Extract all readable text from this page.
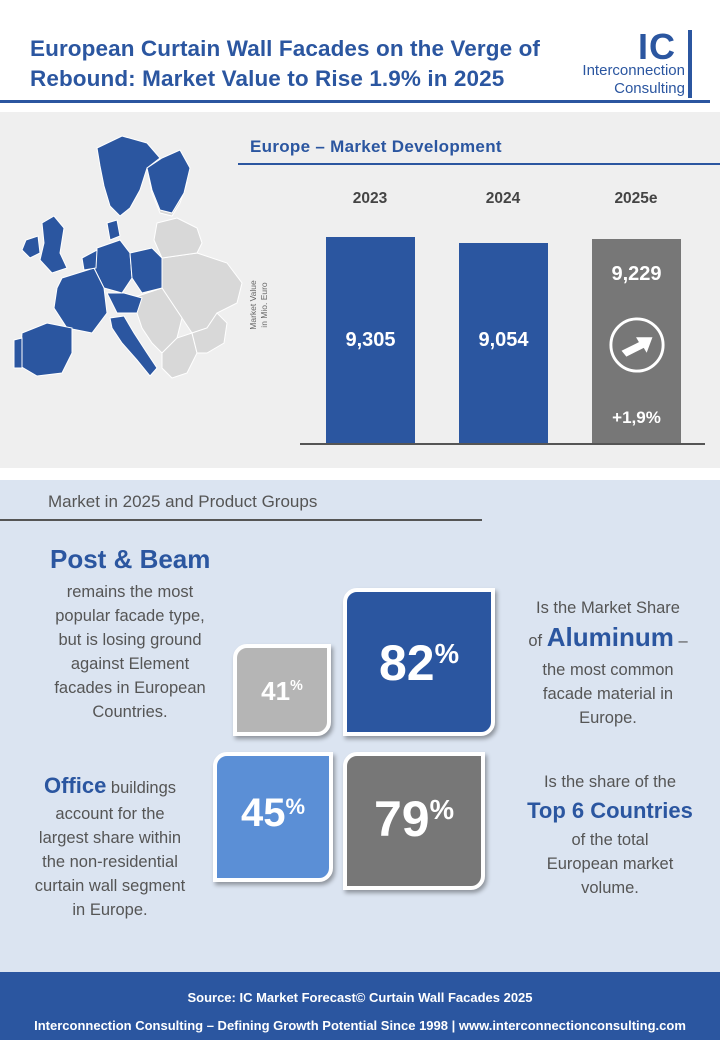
European Curtain Wall Facades on the Verge of
Rebound: Market Value to Rise 1.9% in 2025
IC
Interconnection
Consulting
Europe – Market Development
Market Value in Mio. Euro
2023
9,305
2024
9,054
2025e
9,229
+1,9%
Market in 2025 and Product Groups
Post & Beam
remains the most
popular facade type,
but is losing ground
against Element
facades in European
Countries.
Is the Market Share
of Aluminum –
the most common
facade material in
Europe.
Office buildings
account for the
largest share within
the non-residential
curtain wall segment
in Europe.
Is the share of the
Top 6 Countries
of the total
European market
volume.
41%	82%
45%	79%
Source: IC Market Forecast© Curtain Wall Facades 2025
Interconnection Consulting – Defining Growth Potential Since 1998 | www.interconnectionconsulting.com
